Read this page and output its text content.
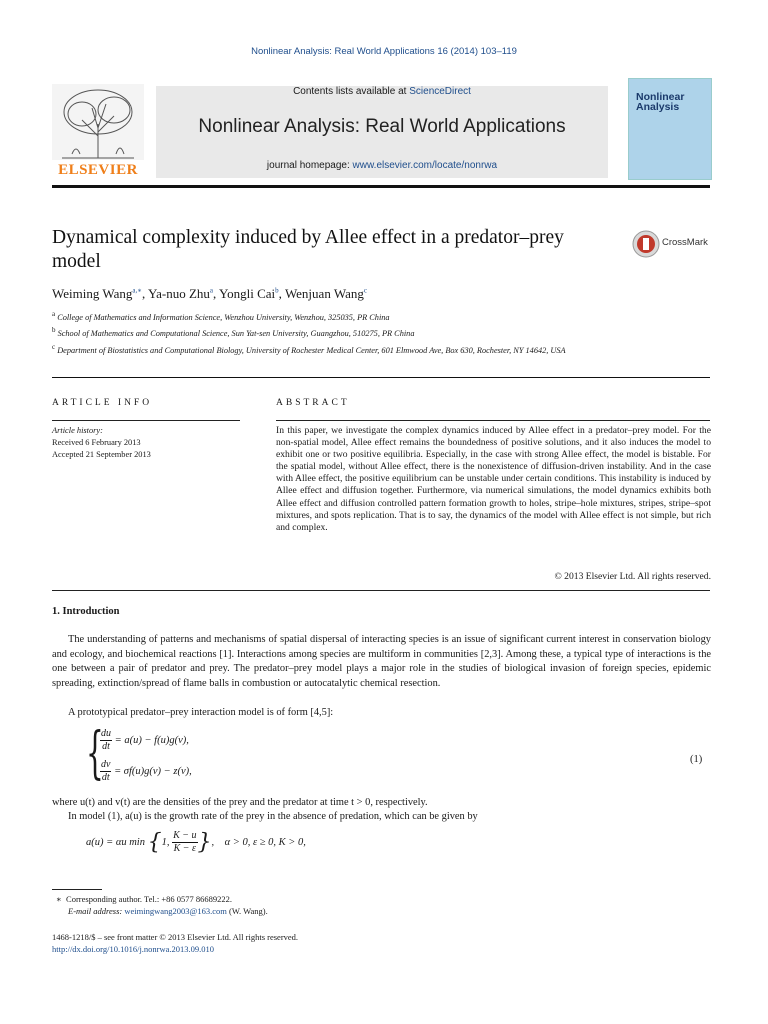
Nonlinear Analysis: Real World Applications 16 (2014) 103–119
ELSEVIER
Contents lists available at ScienceDirect
Nonlinear Analysis: Real World Applications
journal homepage: www.elsevier.com/locate/nonrwa
Nonlinear Analysis
Dynamical complexity induced by Allee effect in a predator–prey model
CrossMark
Weiming Wang$^{a,∗}$, Ya-nuo Zhu$^a$, Yongli Cai$^b$, Wenjuan Wang$^c$
$^a$ College of Mathematics and Information Science, Wenzhou University, Wenzhou, 325035, PR China
$^b$ School of Mathematics and Computational Science, Sun Yat-sen University, Guangzhou, 510275, PR China
$^c$ Department of Biostatistics and Computational Biology, University of Rochester Medical Center, 601 Elmwood Ave, Box 630, Rochester, NY 14642, USA
ARTICLE INFO
Article history:
Received 6 February 2013
Accepted 21 September 2013
ABSTRACT
In this paper, we investigate the complex dynamics induced by Allee effect in a predator–prey model. For the non-spatial model, Allee effect remains the boundedness of positive solutions, and it also induces the model to exhibit one or two positive equilibria. Especially, in the case with strong Allee effect, the model is bistable. For the spatial model, without Allee effect, there is the nonexistence of diffusion-driven instability. And in the case with Allee effect, the positive equilibrium can be unstable under certain conditions. This instability is induced by Allee effect and diffusion together. Furthermore, via numerical simulations, the model dynamics exhibits both Allee effect and diffusion controlled pattern formation growth to holes, stripe–hole mixtures, stripes, stripe–spot mixtures, and spots replication. That is to say, the dynamics of the model with Allee effect is not simple, but rich and complex.
© 2013 Elsevier Ltd. All rights reserved.
1. Introduction
The understanding of patterns and mechanisms of spatial dispersal of interacting species is an issue of significant current interest in conservation biology and ecology, and biochemical reactions [1]. Interactions among species are multiform in communities [2,3]. Among these, a typical type of interactions is the one between a pair of predator and prey. The predator–prey model plays a major role in the studies of biological invasion of foreign species, epidemic spreading, extinction/spread of flame balls in combustion or autocatalytic chemical resection.
A prototypical predator–prey interaction model is of form [4,5]:
{
$\frac{du}{dt} = a(u) - f(u)g(v)$,
$\frac{dv}{dt} = \sigma f(u)g(v) - z(v)$,
(1)
where u(t) and v(t) are the densities of the prey and the predator at time t > 0, respectively.
In model (1), a(u) is the growth rate of the prey in the absence of predation, which can be given by
a(u) = αu min {1, $\frac{K - u}{K - \varepsilon}$ },    α > 0, ε ≥ 0, K > 0,
∗ Corresponding author. Tel.: +86 0577 86689222.
E-mail address: weimingwang2003@163.com (W. Wang).
1468-1218/$ – see front matter © 2013 Elsevier Ltd. All rights reserved.
http://dx.doi.org/10.1016/j.nonrwa.2013.09.010
